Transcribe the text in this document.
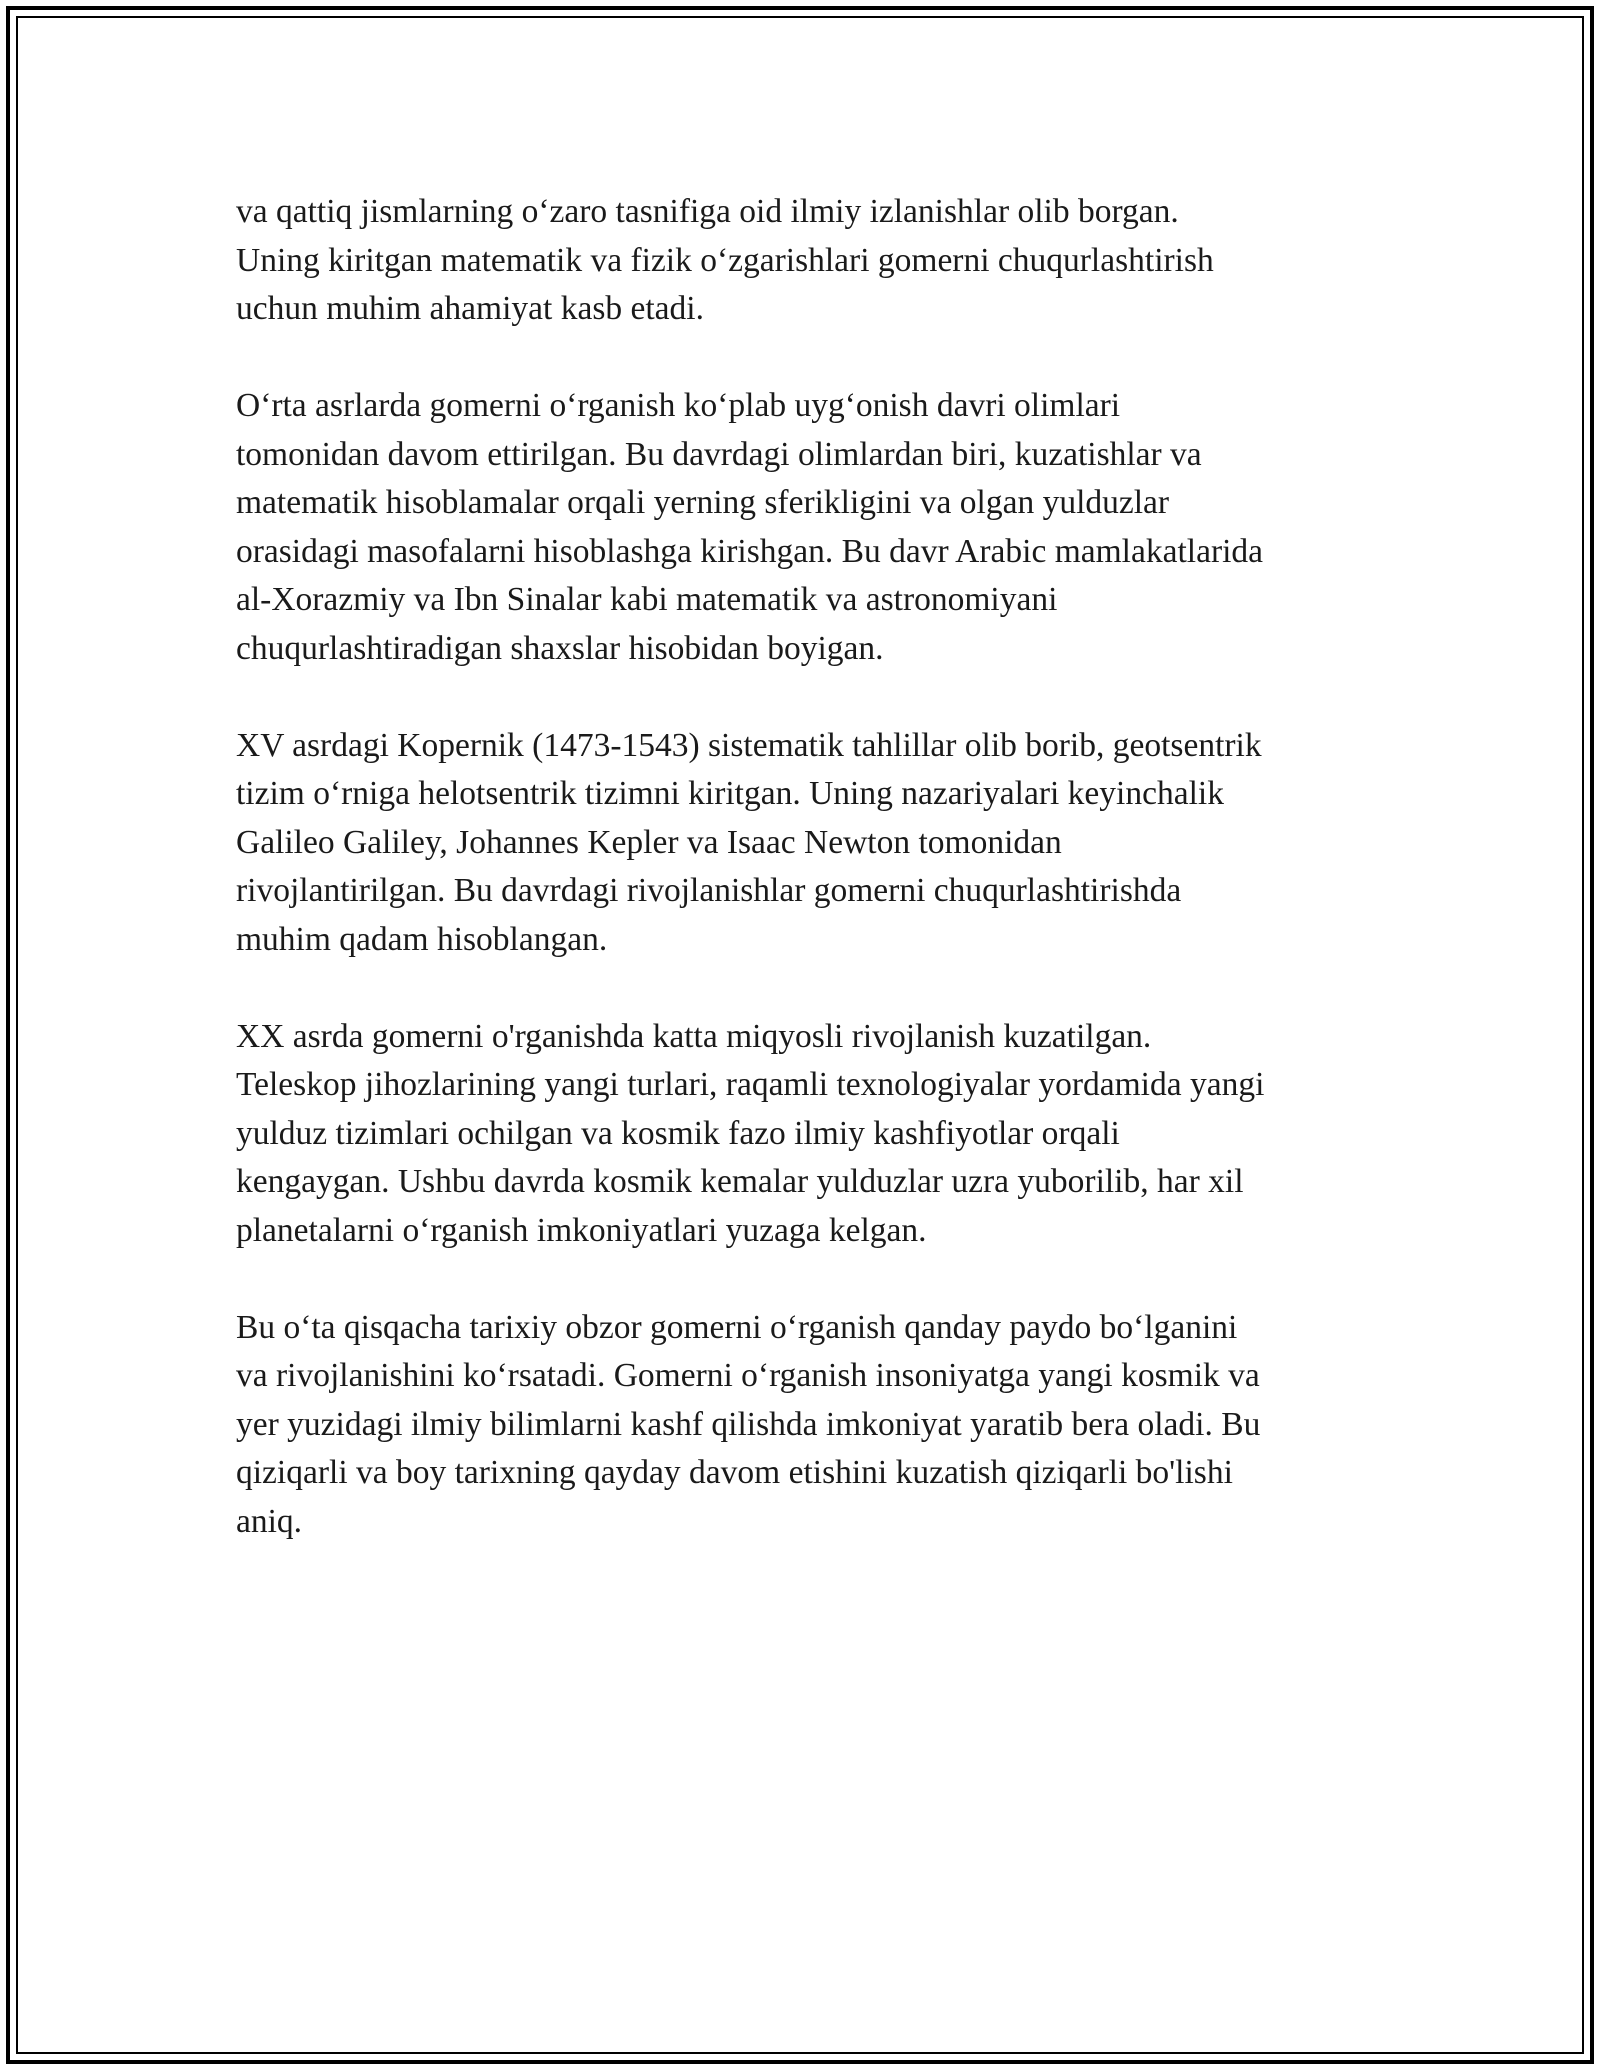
va qattiq jismlarning o‘zaro tasnifiga oid ilmiy izlanishlar olib borgan.
Uning kiritgan matematik va fizik o‘zgarishlari gomerni chuqurlashtirish
uchun muhim ahamiyat kasb etadi.

O‘rta asrlarda gomerni o‘rganish ko‘plab uyg‘onish davri olimlari
tomonidan davom ettirilgan. Bu davrdagi olimlardan biri, kuzatishlar va
matematik hisoblamalar orqali yerning sferikligini va olgan yulduzlar
orasidagi masofalarni hisoblashga kirishgan. Bu davr Arabic mamlakatlarida
al-Xorazmiy va Ibn Sinalar kabi matematik va astronomiyani
chuqurlashtiradigan shaxslar hisobidan boyigan.

XV asrdagi Kopernik (1473-1543) sistematik tahlillar olib borib, geotsentrik
tizim o‘rniga helotsentrik tizimni kiritgan. Uning nazariyalari keyinchalik
Galileo Galiley, Johannes Kepler va Isaac Newton tomonidan
rivojlantirilgan. Bu davrdagi rivojlanishlar gomerni chuqurlashtirishda
muhim qadam hisoblangan.

XX asrda gomerni o'rganishda katta miqyosli rivojlanish kuzatilgan.
Teleskop jihozlarining yangi turlari, raqamli texnologiyalar yordamida yangi
yulduz tizimlari ochilgan va kosmik fazo ilmiy kashfiyotlar orqali
kengaygan. Ushbu davrda kosmik kemalar yulduzlar uzra yuborilib, har xil
planetalarni o‘rganish imkoniyatlari yuzaga kelgan.

Bu o‘ta qisqacha tarixiy obzor gomerni o‘rganish qanday paydo bo‘lganini
va rivojlanishini ko‘rsatadi. Gomerni o‘rganish insoniyatga yangi kosmik va
yer yuzidagi ilmiy bilimlarni kashf qilishda imkoniyat yaratib bera oladi. Bu
qiziqarli va boy tarixning qayday davom etishini kuzatish qiziqarli bo'lishi
aniq.
